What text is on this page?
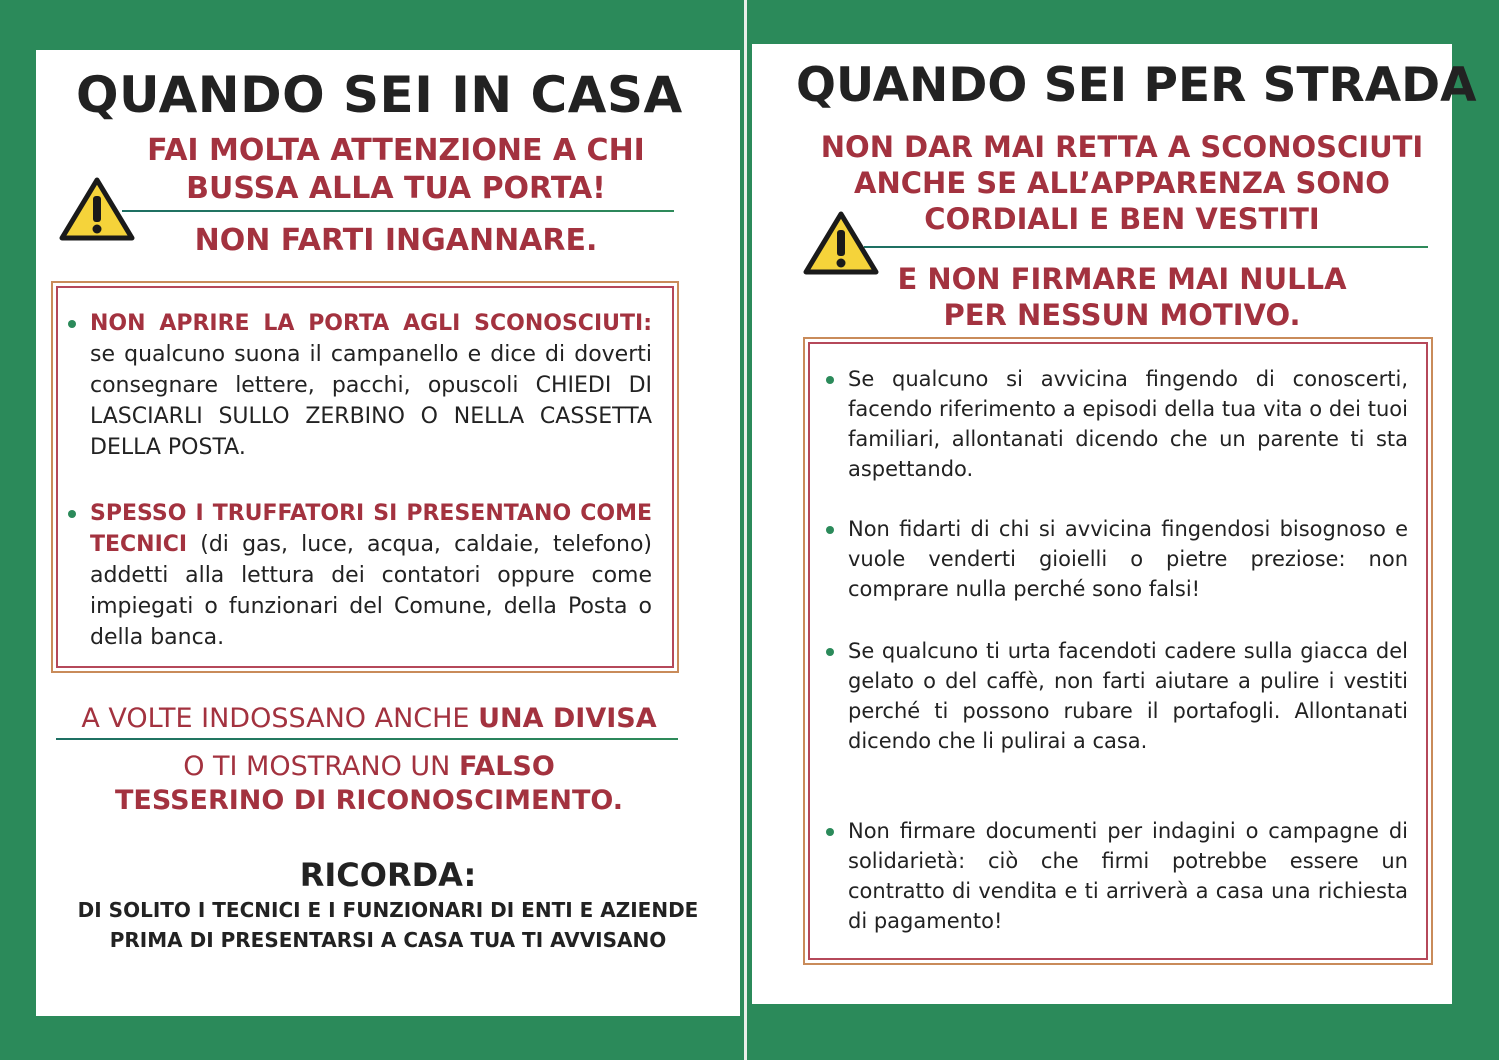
QUANDO SEI IN CASA

FAI MOLTA ATTENZIONE A CHI

BUSSA ALLA TUA PORTA!

NON FARTI INGANNARE.

NON APRIRE LA PORTA AGLI SCONOSCIUTI: se qualcuno suona il campanello e dice di doverti consegnare lettere, pacchi, opuscoli CHIEDI DI LASCIARLI SULLO ZERBINO O NELLA CASSETTA DELLA POSTA.
SPESSO I TRUFFATORI SI PRESENTANO COME TECNICI (di gas, luce, acqua, caldaie, telefono) addetti alla lettura dei contatori oppure come impiegati o funzionari del Comune, della Posta o della banca.

A VOLTE INDOSSANO ANCHE UNA DIVISA

O TI MOSTRANO UN FALSO

TESSERINO DI RICONOSCIMENTO.

RICORDA:

DI SOLITO I TECNICI E I FUNZIONARI DI ENTI E AZIENDE

PRIMA DI PRESENTARSI A CASA TUA TI AVVISANO

QUANDO SEI PER STRADA

NON DAR MAI RETTA A SCONOSCIUTI

ANCHE SE ALL’APPARENZA SONO

CORDIALI E BEN VESTITI

E NON FIRMARE MAI NULLA

PER NESSUN MOTIVO.

Se qualcuno si avvicina fingendo di conoscerti, facendo riferimento a episodi della tua vita o dei tuoi familiari, allontanati dicendo che un parente ti sta aspettando.
Non fidarti di chi si avvicina fingendosi bisognoso e vuole venderti gioielli o pietre preziose: non comprare nulla perché sono falsi!
Se qualcuno ti urta facendoti cadere sulla giacca del gelato o del caffè, non farti aiutare a pulire i vestiti perché ti possono rubare il portafogli. Allontanati dicendo che li pulirai a casa.
Non firmare documenti per indagini o campagne di solidarietà: ciò che firmi potrebbe essere un contratto di vendita e ti arriverà a casa una richiesta di pagamento!
